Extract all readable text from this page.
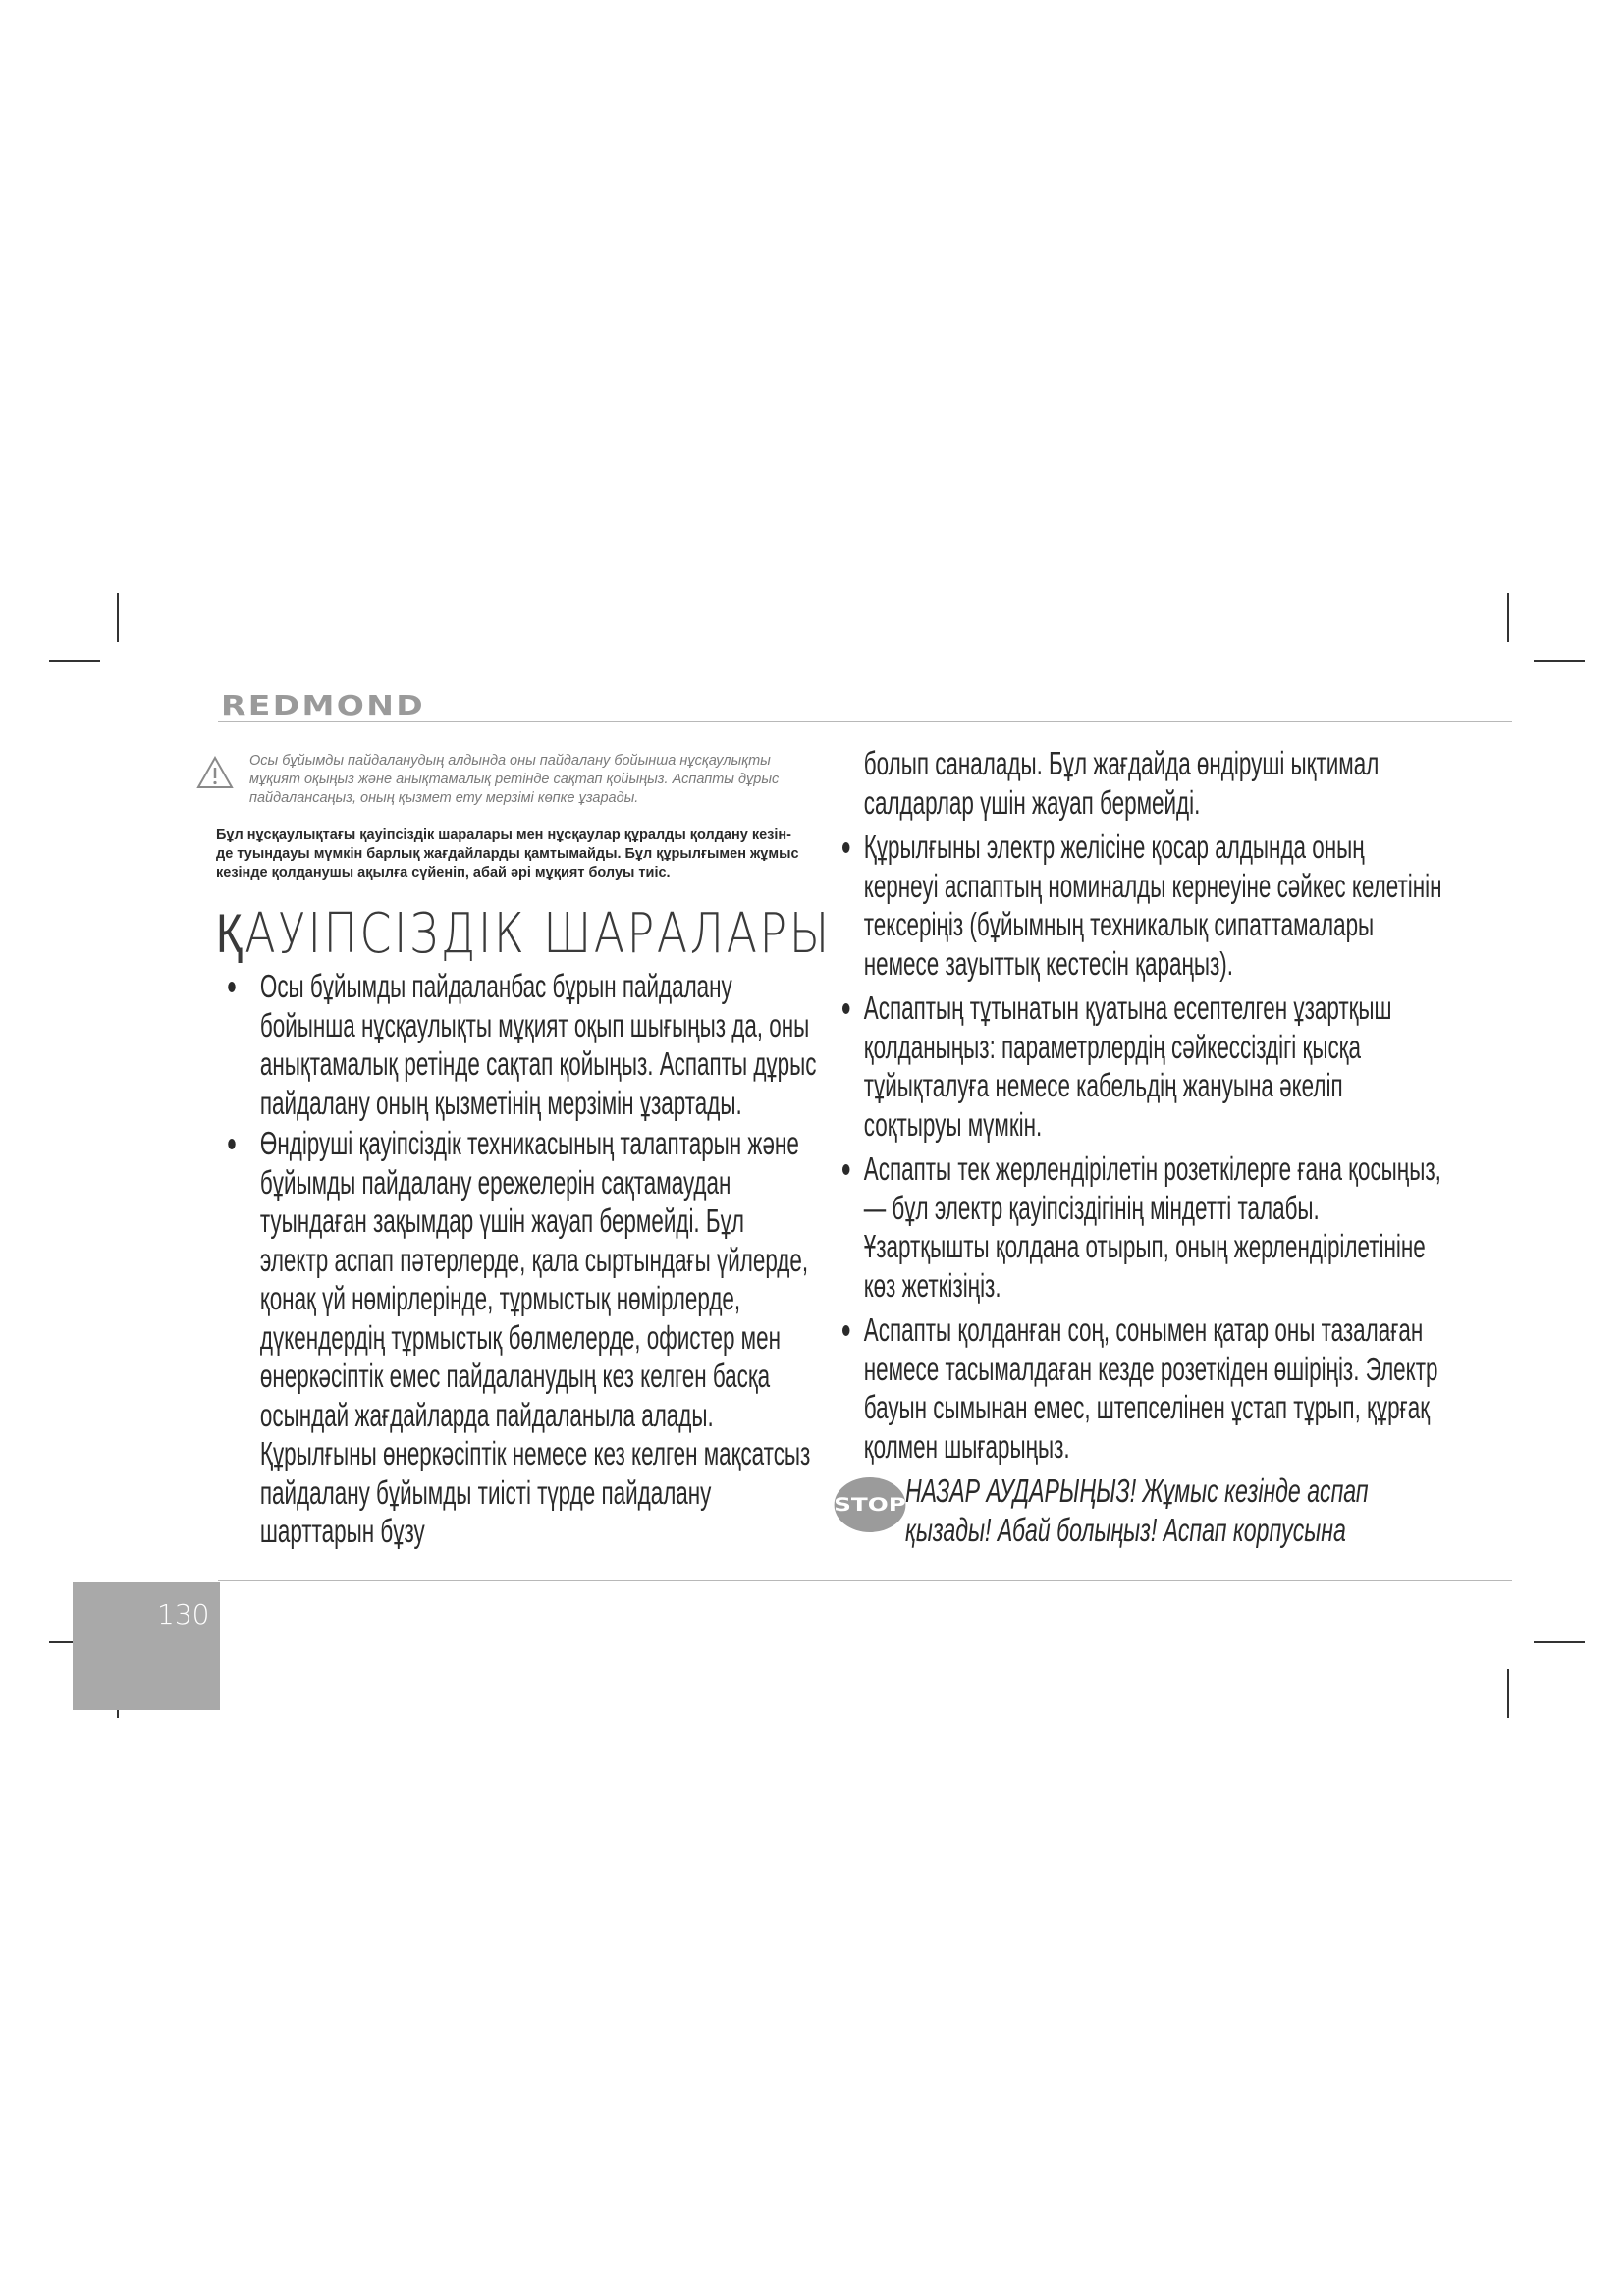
REDMOND

Осы бұйымды пайдаланудың алдында оны пайдалану бойынша нұсқаулықты мұқият оқыңыз және анықтамалық ретінде сақтап қойыңыз. Аспапты дұрыс пайдалансаңыз, оның қызмет ету мерзімі көпке ұзарады.

Бұл нұсқаулықтағы қауіпсіздік шаралары мен нұсқаулар құралды қолдану кезін-де туындауы мүмкін барлық жағдайларды қамтымайды. Бұл құрылғымен жұмыс кезінде қолданушы ақылға сүйеніп, абай әрі мұқият болуы тиіс.

ҚАУІПСІЗДІК ШАРАЛАРЫ
Осы бұйымды пайдаланбас бұрын пайдалану бойынша нұсқаулықты мұқият оқып шығыңыз да, оны анықтамалық ретінде сақтап қойыңыз. Аспапты дұрыс пайдалану оның қызметінің мерзімін ұзартады.
Өндіруші қауіпсіздік техникасының талаптарын және бұйымды пайдалану ережелерін сақтамаудан туындаған зақымдар үшін жауап бермейді. Бұл электр аспап пәтерлерде, қала сыртындағы үйлерде, қонақ үй нөмірлерінде, тұрмыстық нөмірлерде, дүкендердің тұрмыстық бөлмелерде, офистер мен өнеркәсіптік емес пайдаланудың кез келген басқа осындай жағдайларда пайдаланыла алады. Құрылғыны өнеркәсіптік немесе кез келген мақсатсыз пайдалану бұйымды тиісті түрде пайдалану шарттарын бұзу

болып саналады. Бұл жағдайда өндіруші ықтимал салдарлар үшін жауап бермейді.

Құрылғыны электр желісіне қосар алдында оның кернеуі аспаптың номиналды кернеуіне сәйкес келетінін тексеріңіз (бұйымның техникалық сипаттамалары немесе зауыттық кестесін қараңыз).
Аспаптың тұтынатын қуатына есептелген ұзартқыш қолданыңыз: параметрлердің сәйкессіздігі қысқа тұйықталуға немесе кабельдің жануына әкеліп соқтыруы мүмкін.
Аспапты тек жерлендірілетін розеткілерге ғана қосыңыз, — бұл электр қауіпсіздігінің міндетті талабы. Ұзартқышты қолдана отырып, оның жерлендірілетініне көз жеткізіңіз.
Аспапты қолданған соң, сонымен қатар оны тазалаған немесе тасымалдаған кезде розеткіден өшіріңіз. Электр бауын сымынан емес, штепселінен ұстап тұрып, құрғақ қолмен шығарыңыз.
STOP НАЗАР АУДАРЫҢЫЗ! Жұмыс кезінде аспап қызады! Абай болыңыз! Аспап корпусына
130
